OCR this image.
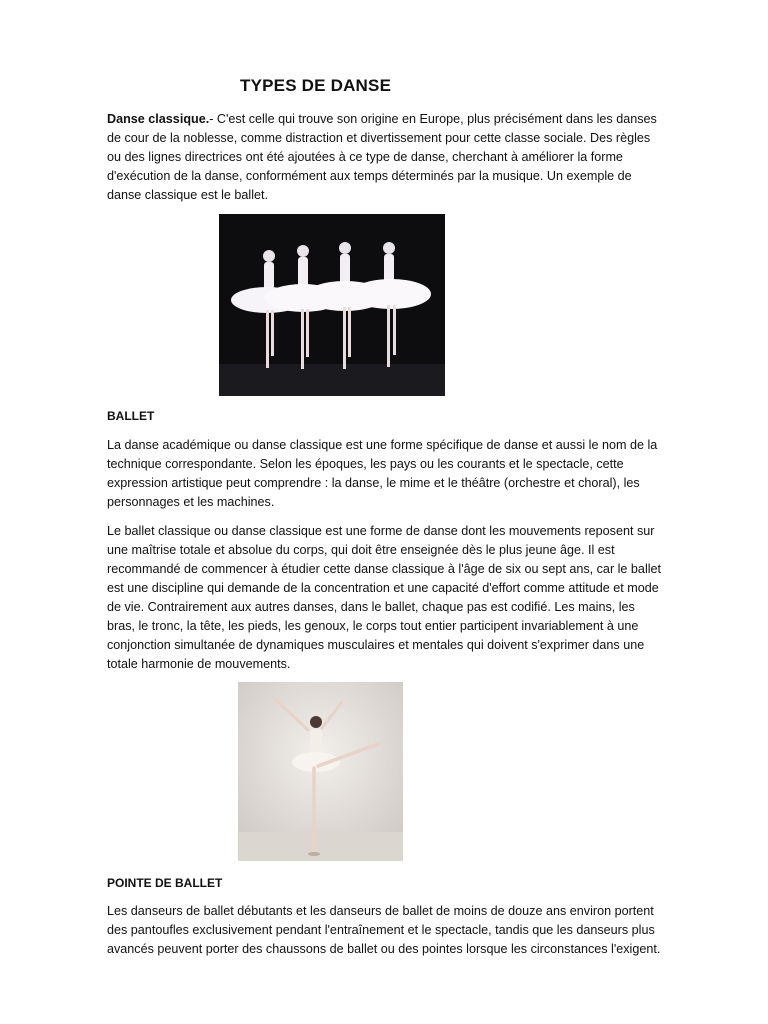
TYPES DE DANSE

Danse classique.- C'est celle qui trouve son origine en Europe, plus précisément dans les danses de cour de la noblesse, comme distraction et divertissement pour cette classe sociale. Des règles ou des lignes directrices ont été ajoutées à ce type de danse, cherchant à améliorer la forme d'exécution de la danse, conformément aux temps déterminés par la musique. Un exemple de danse classique est le ballet.

BALLET

La danse académique ou danse classique est une forme spécifique de danse et aussi le nom de la technique correspondante. Selon les époques, les pays ou les courants et le spectacle, cette expression artistique peut comprendre : la danse, le mime et le théâtre (orchestre et choral), les personnages et les machines.

Le ballet classique ou danse classique est une forme de danse dont les mouvements reposent sur une maîtrise totale et absolue du corps, qui doit être enseignée dès le plus jeune âge. Il est recommandé de commencer à étudier cette danse classique à l'âge de six ou sept ans, car le ballet est une discipline qui demande de la concentration et une capacité d'effort comme attitude et mode de vie. Contrairement aux autres danses, dans le ballet, chaque pas est codifié. Les mains, les bras, le tronc, la tête, les pieds, les genoux, le corps tout entier participent invariablement à une conjonction simultanée de dynamiques musculaires et mentales qui doivent s'exprimer dans une totale harmonie de mouvements.

POINTE DE BALLET

Les danseurs de ballet débutants et les danseurs de ballet de moins de douze ans environ portent des pantoufles exclusivement pendant l'entraînement et le spectacle, tandis que les danseurs plus avancés peuvent porter des chaussons de ballet ou des pointes lorsque les circonstances l'exigent.
